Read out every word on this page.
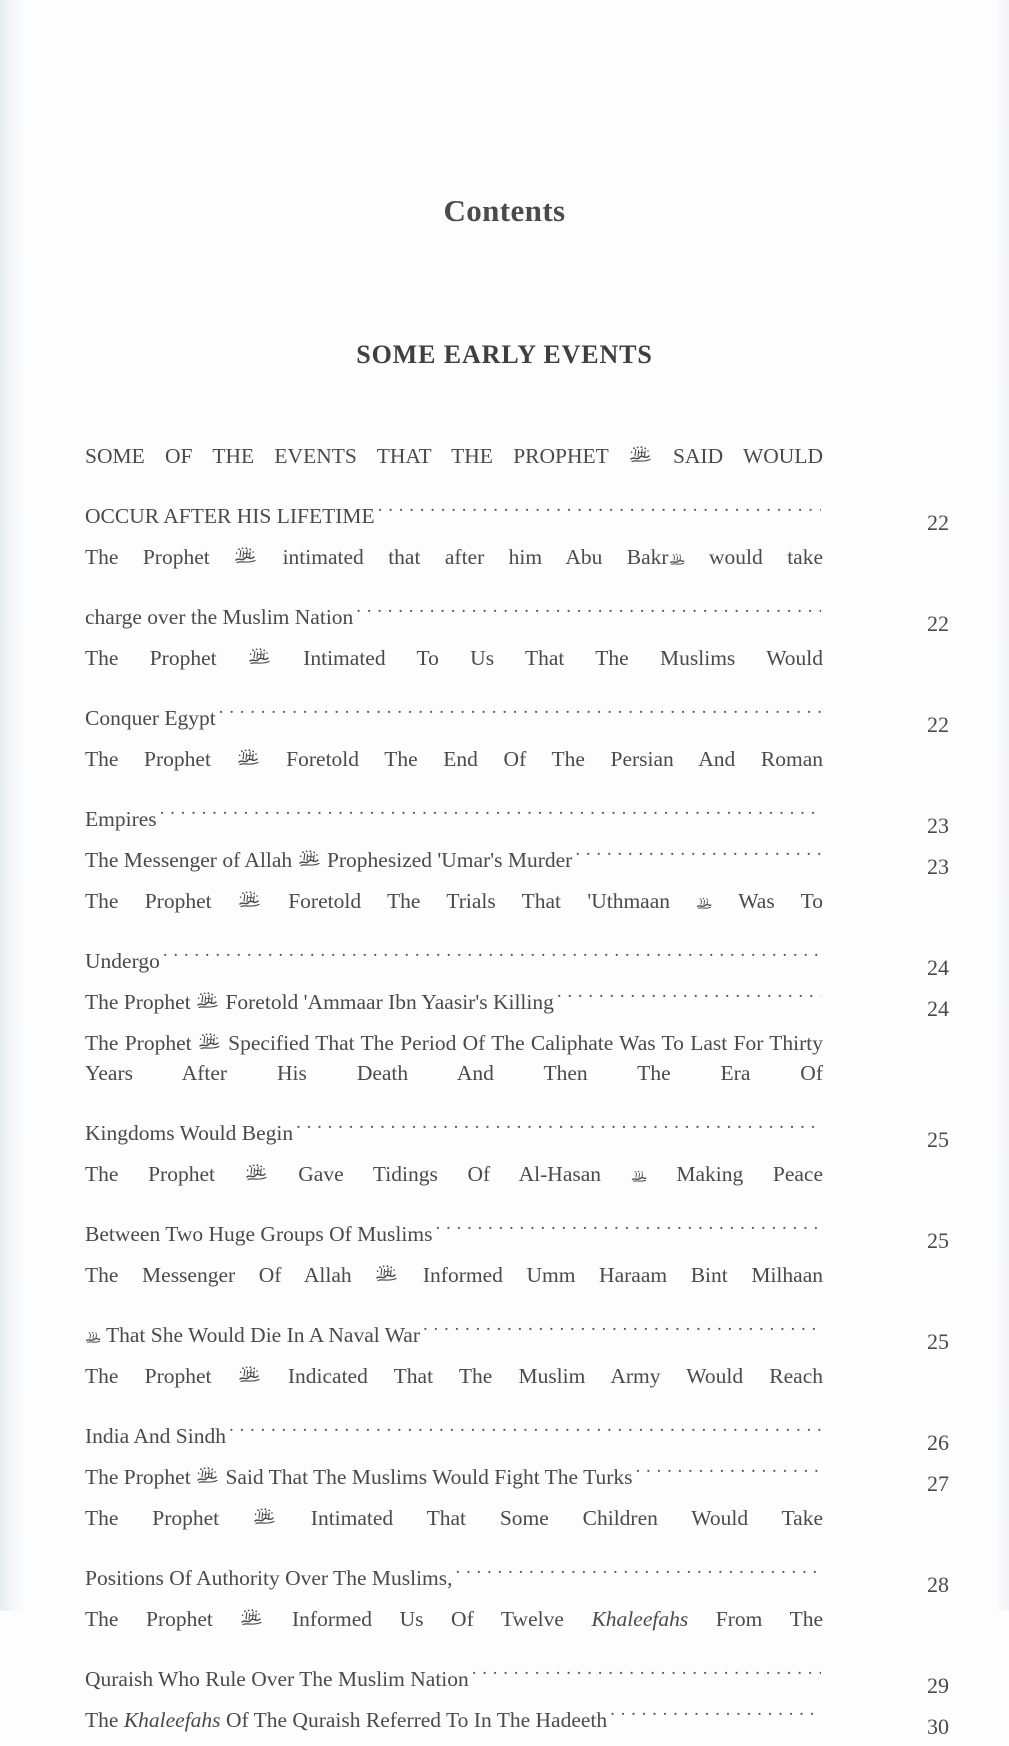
Contents
SOME EARLY EVENTS
SOME OF THE EVENTS THAT THE PROPHET
SAID WOULD
OCCUR AFTER HIS LIFETIME . . .	22
The Prophet
intimated that after him Abu Bakr
would take
charge over the Muslim Nation . . .	22
The Prophet
Intimated To Us That The Muslims Would
Conquer Egypt . . .	22
The Prophet
Foretold The End Of The Persian And Roman
Empires . . .	23
The Messenger of Allah
Prophesized 'Umar's Murder . . .	23
The Prophet
Foretold The Trials That 'Uthmaan
Was To
Undergo . . .	24
The Prophet
Foretold 'Ammaar Ibn Yaasir's Killing . . .	24
The Prophet
Specified That The Period Of The Caliphate Was To Last For Thirty Years After His Death And Then The Era Of
Kingdoms Would Begin . . .	25
The Prophet
Gave Tidings Of Al-Hasan
Making Peace
Between Two Huge Groups Of Muslims . . .	25
The Messenger Of Allah
Informed Umm Haraam Bint Milhaan
That She Would Die In A Naval War . . .	25
The Prophet
Indicated That The Muslim Army Would Reach
India And Sindh . . .	26
The Prophet
Said That The Muslims Would Fight The Turks . . .	27
The Prophet
Intimated That Some Children Would Take
Positions Of Authority Over The Muslims, . . .	28
The Prophet
Informed Us Of Twelve Khaleefahs From The
Quraish Who Rule Over The Muslim Nation . . .	29
The Khaleefahs Of The Quraish Referred To In The Hadeeth . . .	30
